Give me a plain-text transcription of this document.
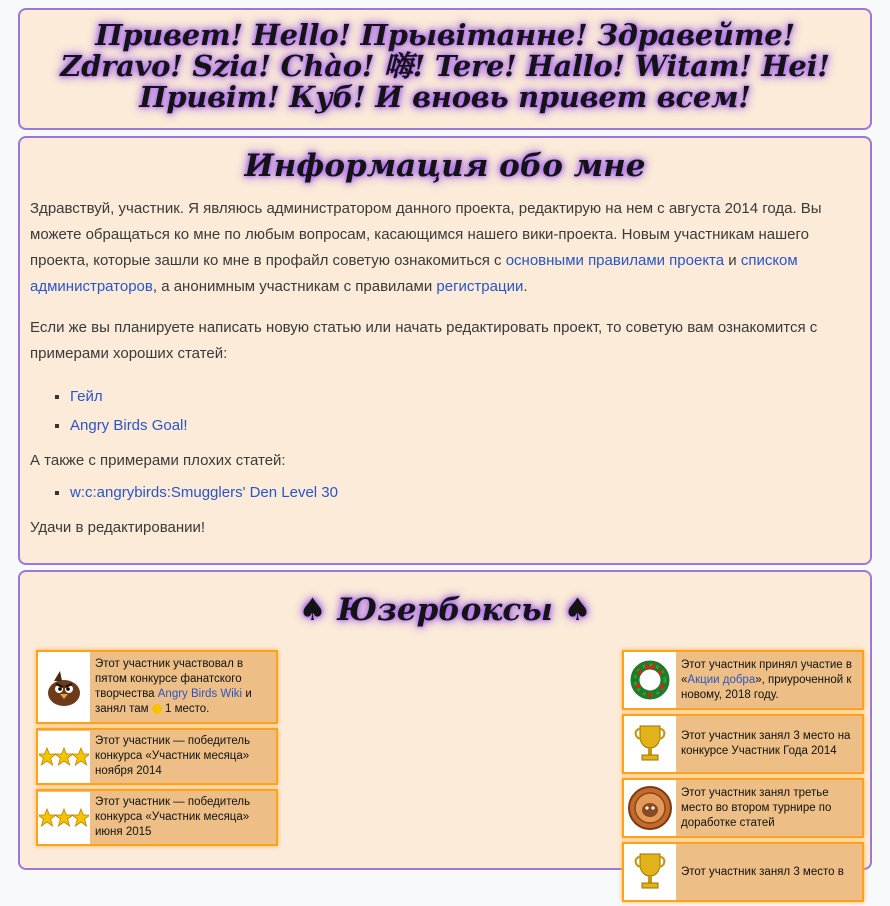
Привет! Hello! Прывітанне! Здравейте! Zdravo! Szia! Chào! 嗨! Tere! Hallo! Witam! Hei! Привіт! Куб! И вновь привет всем!
Информация обо мне

Здравствуй, участник. Я являюсь администратором данного проекта, редактирую на нем с августа 2014 года. Вы можете обращаться ко мне по любым вопросам, касающимся нашего вики-проекта. Новым участникам нашего проекта, которые зашли ко мне в профайл советую ознакомиться с основными правилами проекта и списком администраторов, а анонимным участникам с правилами регистрации.

Если же вы планируете написать новую статью или начать редактировать проект, то советую вам ознакомится с примерами хороших статей:

▪ Гейл
▪ Angry Birds Goal!

А также с примерами плохих статей:

▪ w:c:angrybirds:Smugglers' Den Level 30

Удачи в редактировании!

♠ Юзербоксы ♠
Этот участник участвовал в пятом конкурсе фанатского творчества Angry Birds Wiki и занял там  1 место.
Этот участник — победитель конкурса «Участник месяца» ноября 2014
Этот участник — победитель конкурса «Участник месяца» июня 2015
Этот участник принял участие в «Акции добра», приуроченной к новому, 2018 году.
Этот участник занял 3 место на конкурсе Участник Года 2014
Этот участник занял третье место во втором турнире по доработке статей
Этот участник занял 3 место в
